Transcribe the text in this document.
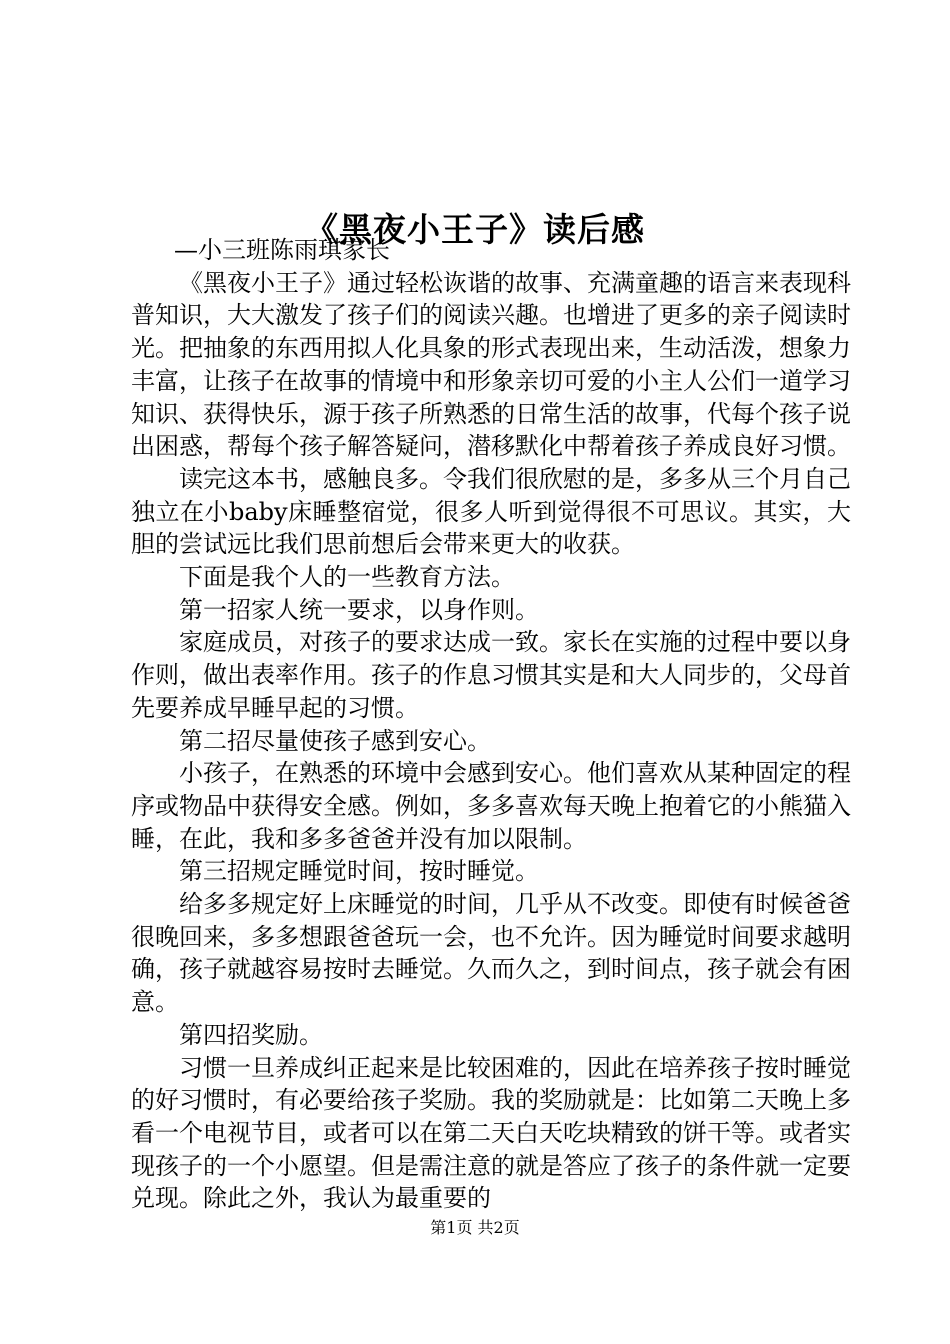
《黑夜小王子》读后感

—小三班陈雨琪家长

《黑夜小王子》通过轻松诙谐的故事、充满童趣的语言来表现科普知识，大大激发了孩子们的阅读兴趣。也增进了更多的亲子阅读时光。把抽象的东西用拟人化具象的形式表现出来，生动活泼，想象力丰富，让孩子在故事的情境中和形象亲切可爱的小主人公们一道学习知识、获得快乐，源于孩子所熟悉的日常生活的故事，代每个孩子说出困惑，帮每个孩子解答疑问，潜移默化中帮着孩子养成良好习惯。

读完这本书，感触良多。令我们很欣慰的是，多多从三个月自己独立在小baby床睡整宿觉，很多人听到觉得很不可思议。其实，大胆的尝试远比我们思前想后会带来更大的收获。

下面是我个人的一些教育方法。

第一招家人统一要求，以身作则。

家庭成员，对孩子的要求达成一致。家长在实施的过程中要以身作则，做出表率作用。孩子的作息习惯其实是和大人同步的，父母首先要养成早睡早起的习惯。

第二招尽量使孩子感到安心。

小孩子，在熟悉的环境中会感到安心。他们喜欢从某种固定的程序或物品中获得安全感。例如，多多喜欢每天晚上抱着它的小熊猫入睡，在此，我和多多爸爸并没有加以限制。

第三招规定睡觉时间，按时睡觉。

给多多规定好上床睡觉的时间，几乎从不改变。即使有时候爸爸很晚回来，多多想跟爸爸玩一会，也不允许。因为睡觉时间要求越明确，孩子就越容易按时去睡觉。久而久之，到时间点，孩子就会有困意。

第四招奖励。

习惯一旦养成纠正起来是比较困难的，因此在培养孩子按时睡觉的好习惯时，有必要给孩子奖励。我的奖励就是：比如第二天晚上多看一个电视节目，或者可以在第二天白天吃块精致的饼干等。或者实现孩子的一个小愿望。但是需注意的就是答应了孩子的条件就一定要兑现。除此之外，我认为最重要的

第1页 共2页
